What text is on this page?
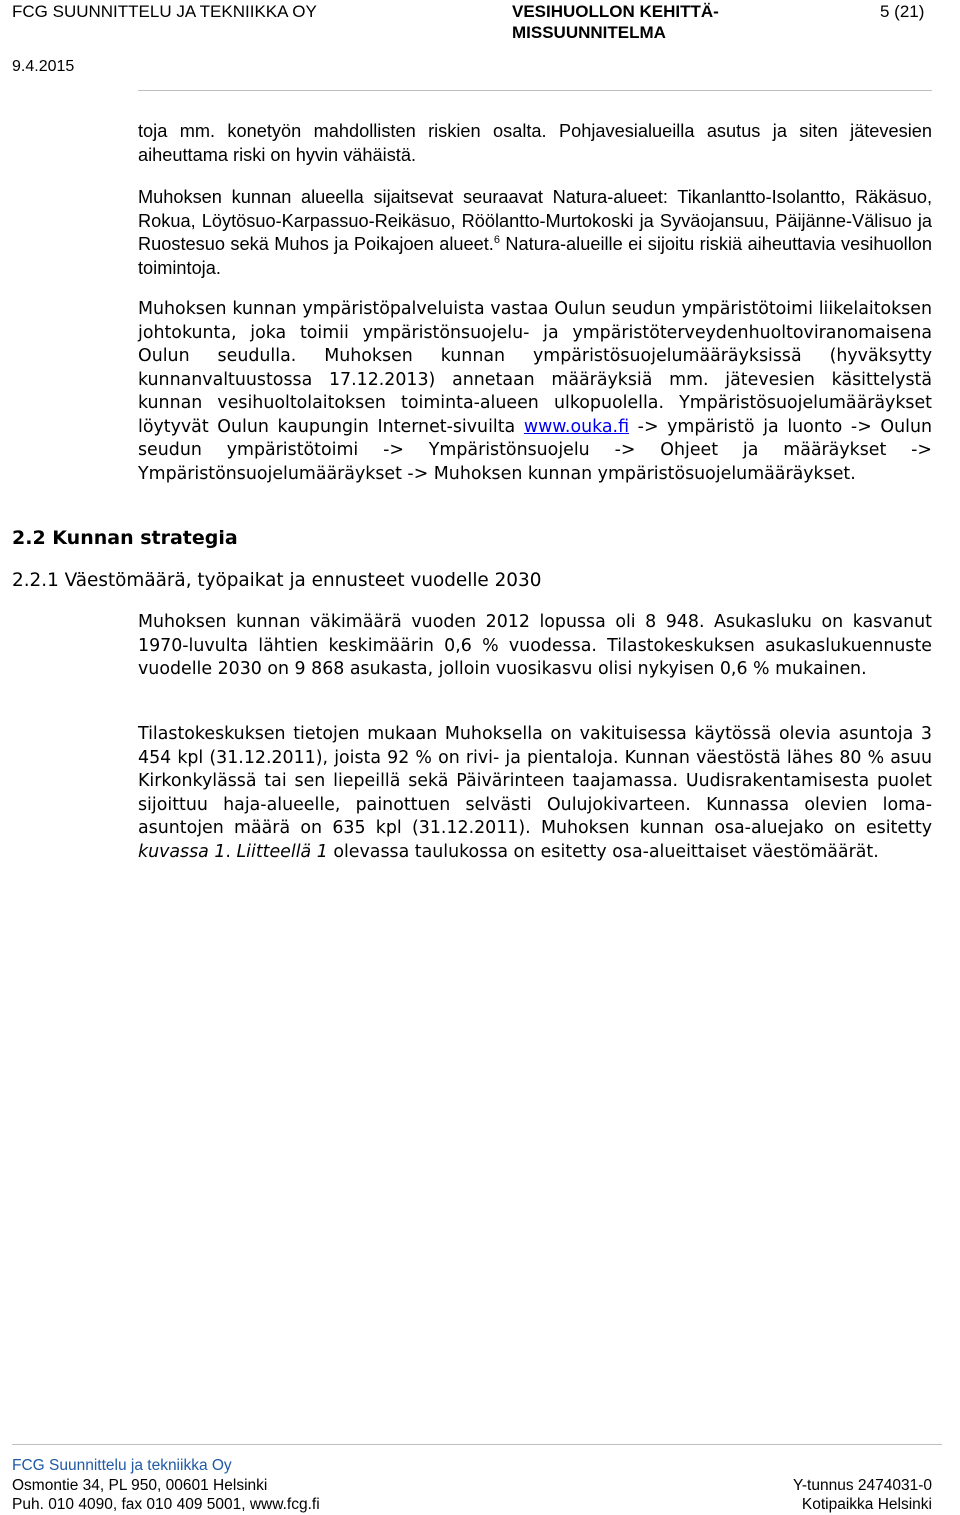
FCG SUUNNITTELU JA TEKNIIKKA OY	VESIHUOLLON KEHITTÄ-MISSUUNNITELMA
5 (21)
9.4.2015

toja mm. konetyön mahdollisten riskien osalta. Pohjavesialueilla asutus ja siten jätevesien aiheuttama riski on hyvin vähäistä.

Muhoksen kunnan alueella sijaitsevat seuraavat Natura-alueet: Tikanlantto-Isolantto, Räkäsuo, Rokua, Löytösuo-Karpassuo-Reikäsuo, Röölantto-Murtokoski ja Syväojansuu, Päijänne-Välisuo ja Ruostesuo sekä Muhos ja Poikajoen alueet.$^6$ Natura-alueille ei sijoitu riskiä aiheuttavia vesihuollon toimintoja.

Muhoksen kunnan ympäristöpalveluista vastaa Oulun seudun ympäristötoimi liikelaitoksen johtokunta, joka toimii ympäristönsuojelu- ja ympäristöterveydenhuoltoviranomaisena Oulun seudulla. Muhoksen kunnan ympäristösuojelumääräyksissä (hyväksytty kunnanvaltuustossa 17.12.2013) annetaan määräyksiä mm. jätevesien käsittelystä kunnan vesihuoltolaitoksen toiminta-alueen ulkopuolella. Ympäristösuojelumääräykset löytyvät Oulun kaupungin Internet-sivuilta www.ouka.fi -> ympäristö ja luonto -> Oulun seudun ympäristötoimi -> Ympäristönsuojelu -> Ohjeet ja määräykset -> Ympäristönsuojelumääräykset -> Muhoksen kunnan ympäristösuojelumääräykset.

2.2 Kunnan strategia
2.2.1 Väestömäärä, työpaikat ja ennusteet vuodelle 2030

Muhoksen kunnan väkimäärä vuoden 2012 lopussa oli 8 948. Asukasluku on kasvanut 1970-luvulta lähtien keskimäärin 0,6 % vuodessa. Tilastokeskuksen asukaslukuennuste vuodelle 2030 on 9 868 asukasta, jolloin vuosikasvu olisi nykyisen 0,6 % mukainen.

Tilastokeskuksen tietojen mukaan Muhoksella on vakituisessa käytössä olevia asuntoja 3 454 kpl (31.12.2011), joista 92 % on rivi- ja pientaloja. Kunnan väestöstä lähes 80 % asuu Kirkonkylässä tai sen liepeillä sekä Päivärinteen taajamassa. Uudisrakentamisesta puolet sijoittuu haja-alueelle, painottuen selvästi Oulujokivarteen. Kunnassa olevien loma-asuntojen määrä on 635 kpl (31.12.2011). Muhoksen kunnan osa-aluejako on esitetty kuvassa 1. Liitteellä 1 olevassa taulukossa on esitetty osa-alueittaiset väestömäärät.

FCG Suunnittelu ja tekniikka Oy
Osmontie 34, PL 950, 00601 Helsinki
Puh. 010 4090, fax 010 409 5001, www.fcg.fi
Y-tunnus 2474031-0
Kotipaikka Helsinki
